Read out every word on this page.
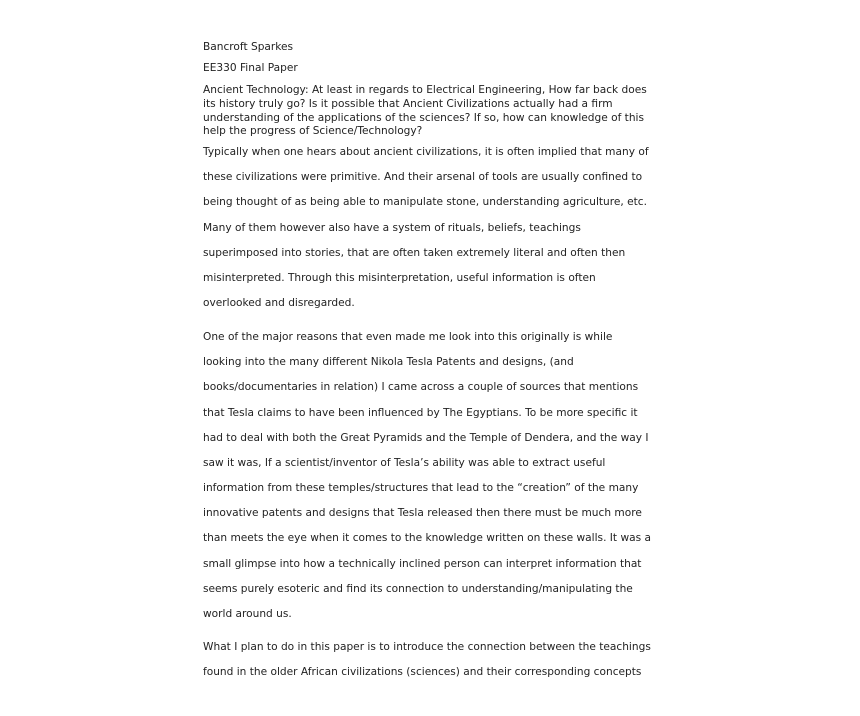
Bancroft Sparkes
EE330 Final Paper
Ancient Technology: At least in regards to Electrical Engineering, How far back does
its history truly go? Is it possible that Ancient Civilizations actually had a firm
understanding of the applications of the sciences? If so, how can knowledge of this
help the progress of Science/Technology?
Typically when one hears about ancient civilizations, it is often implied that many of
these civilizations were primitive. And their arsenal of tools are usually confined to
being thought of as being able to manipulate stone, understanding agriculture, etc.
Many of them however also have a system of rituals, beliefs, teachings
superimposed into stories, that are often taken extremely literal and often then
misinterpreted. Through this misinterpretation, useful information is often
overlooked and disregarded.
One of the major reasons that even made me look into this originally is while
looking into the many different Nikola Tesla Patents and designs, (and
books/documentaries in relation) I came across a couple of sources that mentions
that Tesla claims to have been influenced by The Egyptians. To be more specific it
had to deal with both the Great Pyramids and the Temple of Dendera, and the way I
saw it was, If a scientist/inventor of Tesla’s ability was able to extract useful
information from these temples/structures that lead to the “creation” of the many
innovative patents and designs that Tesla released then there must be much more
than meets the eye when it comes to the knowledge written on these walls. It was a
small glimpse into how a technically inclined person can interpret information that
seems purely esoteric and find its connection to understanding/manipulating the
world around us.
What I plan to do in this paper is to introduce the connection between the teachings
found in the older African civilizations (sciences) and their corresponding concepts
